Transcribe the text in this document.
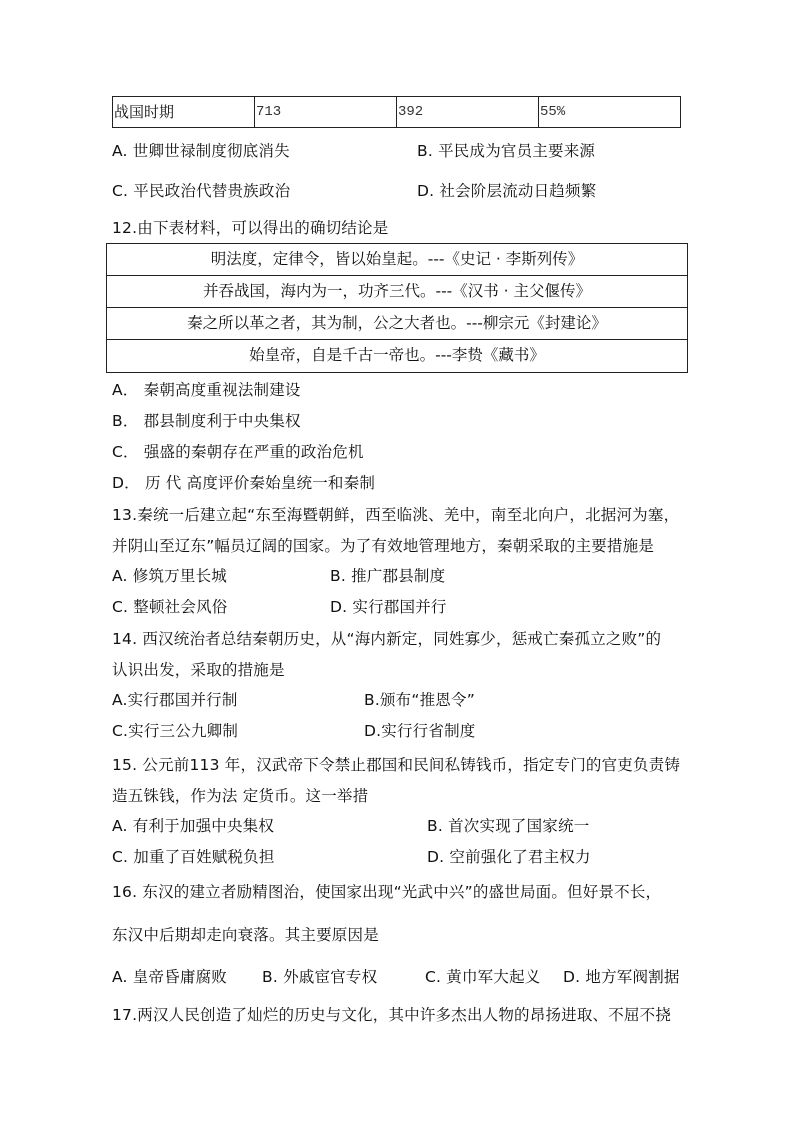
战国时期	713	392	55%
A. 世卿世禄制度彻底消失	B. 平民成为官员主要来源
C. 平民政治代替贵族政治	D. 社会阶层流动日趋频繁
12.由下表材料，可以得出的确切结论是
明法度，定律令，皆以始皇起。---《史记 · 李斯列传》
并吞战国，海内为一，功齐三代。---《汉书 · 主父偃传》
秦之所以革之者，其为制，公之大者也。---柳宗元《封建论》
始皇帝，自是千古一帝也。---李贽《藏书》
A． 秦朝高度重视法制建设
B． 郡县制度利于中央集权
C． 强盛的秦朝存在严重的政治危机
D． 历 代 高度评价秦始皇统一和秦制
13.秦统一后建立起“东至海暨朝鲜，西至临洮、羌中，南至北向户，北据河为塞，
并阴山至辽东”幅员辽阔的国家。为了有效地管理地方，秦朝采取的主要措施是
A. 修筑万里长城	B. 推广郡县制度
C. 整顿社会风俗	D. 实行郡国并行
14. 西汉统治者总结秦朝历史，从“海内新定，同姓寡少，惩戒亡秦孤立之败”的
认识出发，采取的措施是
A.实行郡国并行制	B.颁布“推恩令”
C.实行三公九卿制	D.实行行省制度
15. 公元前113 年，汉武帝下令禁止郡国和民间私铸钱币，指定专门的官吏负责铸
造五铢钱，作为法 定货币。这一举措
A. 有利于加强中央集权	B. 首次实现了国家统一
C. 加重了百姓赋税负担	D. 空前强化了君主权力
16. 东汉的建立者励精图治，使国家出现“光武中兴”的盛世局面。但好景不长，
东汉中后期却走向衰落。其主要原因是
A. 皇帝昏庸腐败 B. 外戚宦官专权	C. 黄巾军大起义 D. 地方军阀割据
17.两汉人民创造了灿烂的历史与文化，其中许多杰出人物的昂扬进取、不屈不挠
